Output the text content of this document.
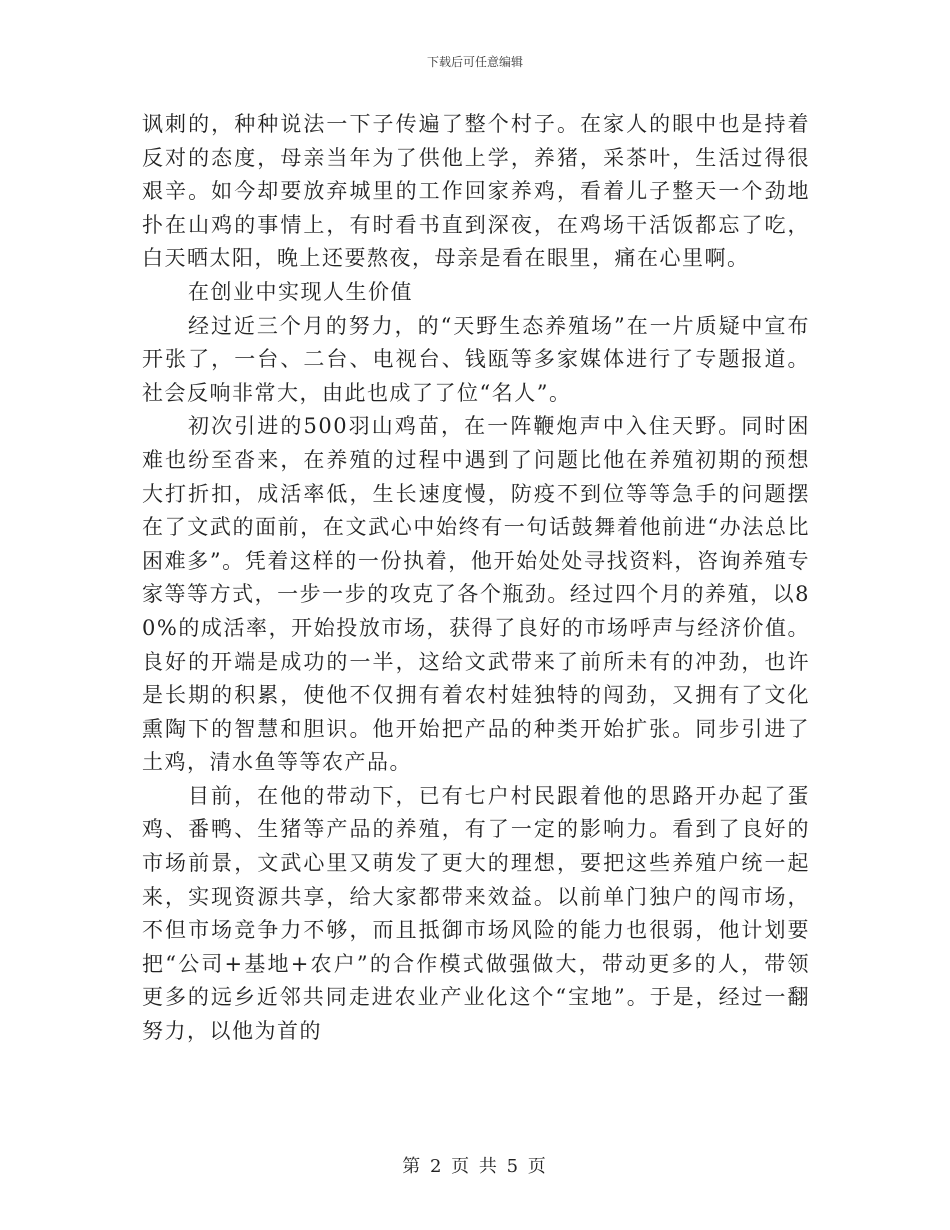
下载后可任意编辑

讽刺的，种种说法一下子传遍了整个村子。在家人的眼中也是持着反对的态度，母亲当年为了供他上学，养猪，采茶叶，生活过得很艰辛。如今却要放弃城里的工作回家养鸡，看着儿子整天一个劲地扑在山鸡的事情上，有时看书直到深夜，在鸡场干活饭都忘了吃，白天晒太阳，晚上还要熬夜，母亲是看在眼里，痛在心里啊。

在创业中实现人生价值

经过近三个月的努力，的“天野生态养殖场”在一片质疑中宣布开张了，一台、二台、电视台、钱瓯等多家媒体进行了专题报道。社会反响非常大，由此也成了了位“名人”。

初次引进的500羽山鸡苗，在一阵鞭炮声中入住天野。同时困难也纷至沓来，在养殖的过程中遇到了问题比他在养殖初期的预想大打折扣，成活率低，生长速度慢，防疫不到位等等急手的问题摆在了文武的面前，在文武心中始终有一句话鼓舞着他前进“办法总比困难多”。凭着这样的一份执着，他开始处处寻找资料，咨询养殖专家等等方式，一步一步的攻克了各个瓶劲。经过四个月的养殖，以80%的成活率，开始投放市场，获得了良好的市场呼声与经济价值。良好的开端是成功的一半，这给文武带来了前所未有的冲劲，也许是长期的积累，使他不仅拥有着农村娃独特的闯劲，又拥有了文化熏陶下的智慧和胆识。他开始把产品的种类开始扩张。同步引进了土鸡，清水鱼等等农产品。

目前，在他的带动下，已有七户村民跟着他的思路开办起了蛋鸡、番鸭、生猪等产品的养殖，有了一定的影响力。看到了良好的市场前景，文武心里又萌发了更大的理想，要把这些养殖户统一起来，实现资源共享，给大家都带来效益。以前单门独户的闯市场，不但市场竞争力不够，而且抵御市场风险的能力也很弱，他计划要把“公司+基地+农户”的合作模式做强做大，带动更多的人，带领更多的远乡近邻共同走进农业产业化这个“宝地”。于是，经过一翻努力，以他为首的

第 2 页 共 5 页
